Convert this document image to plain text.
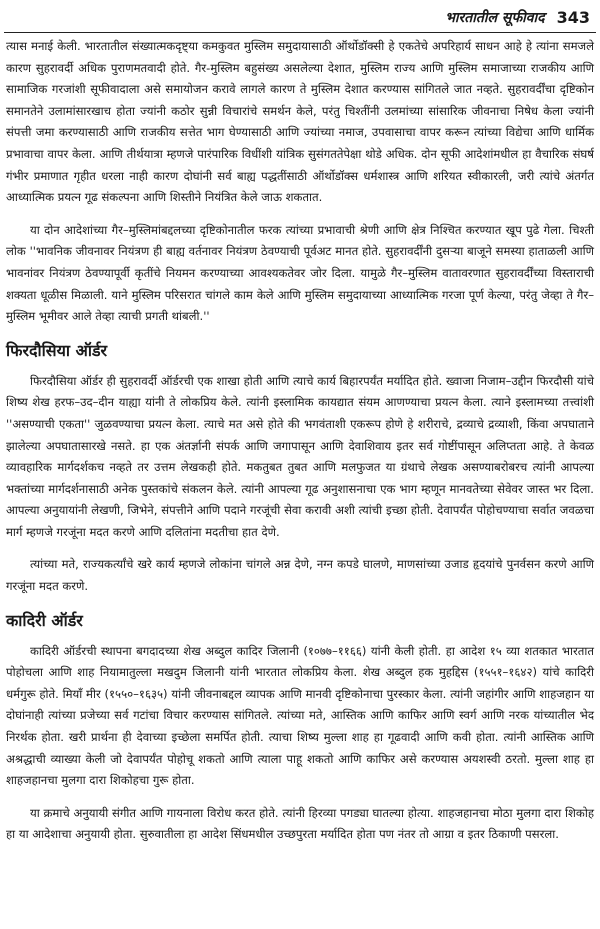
भारतातील सूफीवाद 343

त्यास मनाई केली. भारतातील संख्यात्मकदृष्ट्या कमकुवत मुस्लिम समुदायासाठी ऑर्थोडॉक्सी हे एकतेचे अपरिहार्य साधन आहे हे त्यांना समजले कारण सुहरावर्दी अधिक पुराणमतवादी होते. गैर-मुस्लिम बहुसंख्य असलेल्या देशात, मुस्लिम राज्य आणि मुस्लिम समाजाच्या राजकीय आणि सामाजिक गरजांशी सूफीवादाला असे समायोजन करावे लागले कारण ते मुस्लिम देशात करण्यास सांगितले जात नव्हते. सुहरावर्दींचा दृष्टिकोन समानतेने उलामांसारखाच होता ज्यांनी कठोर सुन्नी विचारांचे समर्थन केले, परंतु चिश्तींनी उलमांच्या सांसारिक जीवनाचा निषेध केला ज्यांनी संपत्ती जमा करण्यासाठी आणि राजकीय सत्तेत भाग घेण्यासाठी आणि ज्यांच्या नमाज, उपवासाचा वापर करून त्यांच्या विद्येचा आणि धार्मिक प्रभावाचा वापर केला. आणि तीर्थयात्रा म्हणजे पारंपारिक विधींशी यांत्रिक सुसंगततेपेक्षा थोडे अधिक. दोन सूफी आदेशांमधील हा वैचारिक संघर्ष गंभीर प्रमाणात गृहीत धरला नाही कारण दोघांनी सर्व बाह्य पद्धतींसाठी ऑर्थोडॉक्स धर्मशास्त्र आणि शरियत स्वीकारली, जरी त्यांचे अंतर्गत आध्यात्मिक प्रयत्न गूढ संकल्पना आणि शिस्तीने नियंत्रित केले जाऊ शकतात.

या दोन आदेशांच्या गैर–मुस्लिमांबद्दलच्या दृष्टिकोनातील फरक त्यांच्या प्रभावाची श्रेणी आणि क्षेत्र निश्चित करण्यात खूप पुढे गेला. चिश्ती लोक ''भावनिक जीवनावर नियंत्रण ही बाह्य वर्तनावर नियंत्रण ठेवण्याची पूर्वअट मानत होते. सुहरावर्दींनी दुसऱ्या बाजूने समस्या हाताळली आणि भावनांवर नियंत्रण ठेवण्यापूर्वी कृतींचे नियमन करण्याच्या आवश्यकतेवर जोर दिला. यामुळे गैर–मुस्लिम वातावरणात सुहरावर्दींच्या विस्ताराची शक्यता धूळीस मिळाली. याने मुस्लिम परिसरात चांगले काम केले आणि मुस्लिम समुदायाच्या आध्यात्मिक गरजा पूर्ण केल्या, परंतु जेव्हा ते गैर–मुस्लिम भूमीवर आले तेव्हा त्याची प्रगती थांबली.''

फिरदौसिया ऑर्डर

फिरदौसिया ऑर्डर ही सुहरावर्दी ऑर्डरची एक शाखा होती आणि त्याचे कार्य बिहारपर्यंत मर्यादित होते. ख्वाजा निजाम–उद्दीन फिरदौसी यांचे शिष्य शेख हरफ–उद–दीन याह्या यांनी ते लोकप्रिय केले. त्यांनी इस्लामिक कायद्यात संयम आणण्याचा प्रयत्न केला. त्याने इस्लामच्या तत्त्वांशी ''असण्याची एकता'' जुळवण्याचा प्रयत्न केला. त्याचे मत असे होते की भगवंताशी एकरूप होणे हे शरीराचे, द्रव्याचे द्रव्याशी, किंवा अपघाताने झालेल्या अपघातासारखे नसते. हा एक अंतर्ज्ञानी संपर्क आणि जगापासून आणि देवाशिवाय इतर सर्व गोष्टींपासून अलिप्तता आहे. ते केवळ व्यावहारिक मार्गदर्शकच नव्हते तर उत्तम लेखकही होते. मकतुबत तुबत आणि मलफुजत या ग्रंथाचे लेखक असण्याबरोबरच त्यांनी आपल्या भक्तांच्या मार्गदर्शनासाठी अनेक पुस्तकांचे संकलन केले. त्यांनी आपल्या गूढ अनुशासनाचा एक भाग म्हणून मानवतेच्या सेवेवर जास्त भर दिला. आपल्या अनुयायांनी लेखणी, जिभेने, संपत्तीने आणि पदाने गरजूंची सेवा करावी अशी त्यांची इच्छा होती. देवापर्यंत पोहोचण्याचा सर्वात जवळचा मार्ग म्हणजे गरजूंना मदत करणे आणि दलितांना मदतीचा हात देणे.

त्यांच्या मते, राज्यकर्त्यांचे खरे कार्य म्हणजे लोकांना चांगले अन्न देणे, नग्न कपडे घालणे, माणसांच्या उजाड हृदयांचे पुनर्वसन करणे आणि गरजूंना मदत करणे.

कादिरी ऑर्डर

कादिरी ऑर्डरची स्थापना बगदादच्या शेख अब्दुल कादिर जिलानी (१०७७–११६६) यांनी केली होती. हा आदेश १५ व्या शतकात भारतात पोहोचला आणि शाह नियामातुल्ला मखदुम जिलानी यांनी भारतात लोकप्रिय केला. शेख अब्दुल हक मुहद्दिस (१५५१–१६४२) यांचे कादिरी धर्मगुरू होते. मियाँ मीर (१५५०–१६३५) यांनी जीवनाबद्दल व्यापक आणि मानवी दृष्टिकोनाचा पुरस्कार केला. त्यांनी जहांगीर आणि शाहजहान या दोघांनाही त्यांच्या प्रजेच्या सर्व गटांचा विचार करण्यास सांगितले. त्यांच्या मते, आस्तिक आणि काफिर आणि स्वर्ग आणि नरक यांच्यातील भेद निरर्थक होता. खरी प्रार्थना ही देवाच्या इच्छेला समर्पित होती. त्याचा शिष्य मुल्ला शाह हा गूढवादी आणि कवी होता. त्यांनी आस्तिक आणि अश्रद्धाची व्याख्या केली जो देवापर्यंत पोहोचू शकतो आणि त्याला पाहू शकतो आणि काफिर असे करण्यास अयशस्वी ठरतो. मुल्ला शाह हा शाहजहानचा मुलगा दारा शिकोहचा गुरू होता.

या क्रमाचे अनुयायी संगीत आणि गायनाला विरोध करत होते. त्यांनी हिरव्या पगड्या घातल्या होत्या. शाहजहानचा मोठा मुलगा दारा शिकोह हा या आदेशाचा अनुयायी होता. सुरुवातीला हा आदेश सिंधमधील उच्छपुरता मर्यादित होता पण नंतर तो आग्रा व इतर ठिकाणी पसरला.
